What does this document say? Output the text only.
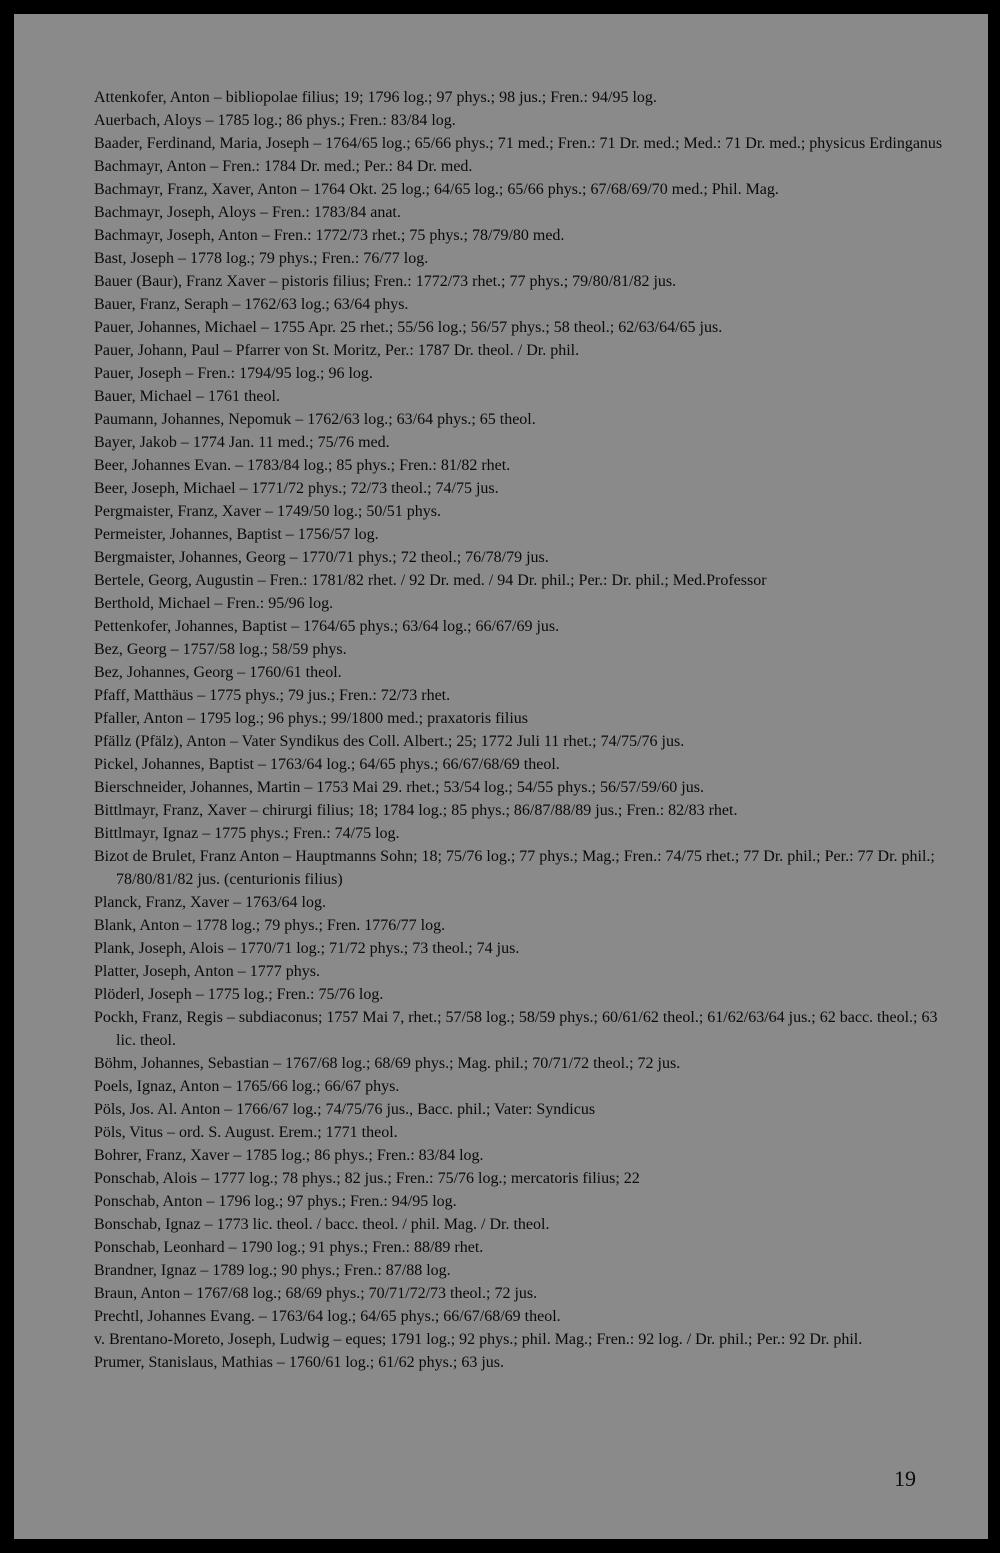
Attenkofer, Anton – bibliopolae filius; 19; 1796 log.; 97 phys.; 98 jus.; Fren.: 94/95 log.
Auerbach, Aloys – 1785 log.; 86 phys.; Fren.: 83/84 log.
Baader, Ferdinand, Maria, Joseph – 1764/65 log.; 65/66 phys.; 71 med.; Fren.: 71 Dr. med.; Med.: 71 Dr. med.; physicus Erdinganus
Bachmayr, Anton – Fren.: 1784 Dr. med.; Per.: 84 Dr. med.
Bachmayr, Franz, Xaver, Anton – 1764 Okt. 25 log.; 64/65 log.; 65/66 phys.; 67/68/69/70 med.; Phil. Mag.
Bachmayr, Joseph, Aloys – Fren.: 1783/84 anat.
Bachmayr, Joseph, Anton – Fren.: 1772/73 rhet.; 75 phys.; 78/79/80 med.
Bast, Joseph – 1778 log.; 79 phys.; Fren.: 76/77 log.
Bauer (Baur), Franz Xaver – pistoris filius; Fren.: 1772/73 rhet.; 77 phys.; 79/80/81/82 jus.
Bauer, Franz, Seraph – 1762/63 log.; 63/64 phys.
Pauer, Johannes, Michael – 1755 Apr. 25 rhet.; 55/56 log.; 56/57 phys.; 58 theol.; 62/63/64/65 jus.
Pauer, Johann, Paul – Pfarrer von St. Moritz, Per.: 1787 Dr. theol. / Dr. phil.
Pauer, Joseph – Fren.: 1794/95 log.; 96 log.
Bauer, Michael – 1761 theol.
Paumann, Johannes, Nepomuk – 1762/63 log.; 63/64 phys.; 65 theol.
Bayer, Jakob – 1774 Jan. 11 med.; 75/76 med.
Beer, Johannes Evan. – 1783/84 log.; 85 phys.; Fren.: 81/82 rhet.
Beer, Joseph, Michael – 1771/72 phys.; 72/73 theol.; 74/75 jus.
Pergmaister, Franz, Xaver – 1749/50 log.; 50/51 phys.
Permeister, Johannes, Baptist – 1756/57 log.
Bergmaister, Johannes, Georg – 1770/71 phys.; 72 theol.; 76/78/79 jus.
Bertele, Georg, Augustin – Fren.: 1781/82 rhet. / 92 Dr. med. / 94 Dr. phil.; Per.: Dr. phil.; Med.Professor
Berthold, Michael – Fren.: 95/96 log.
Pettenkofer, Johannes, Baptist – 1764/65 phys.; 63/64 log.; 66/67/69 jus.
Bez, Georg – 1757/58 log.; 58/59 phys.
Bez, Johannes, Georg – 1760/61 theol.
Pfaff, Matthäus – 1775 phys.; 79 jus.; Fren.: 72/73 rhet.
Pfaller, Anton – 1795 log.; 96 phys.; 99/1800 med.; praxatoris filius
Pfällz (Pfälz), Anton – Vater Syndikus des Coll. Albert.; 25; 1772 Juli 11 rhet.; 74/75/76 jus.
Pickel, Johannes, Baptist – 1763/64 log.; 64/65 phys.; 66/67/68/69 theol.
Bierschneider, Johannes, Martin – 1753 Mai 29. rhet.; 53/54 log.; 54/55 phys.; 56/57/59/60 jus.
Bittlmayr, Franz, Xaver – chirurgi filius; 18; 1784 log.; 85 phys.; 86/87/88/89 jus.; Fren.: 82/83 rhet.
Bittlmayr, Ignaz – 1775 phys.; Fren.: 74/75 log.
Bizot de Brulet, Franz Anton – Hauptmanns Sohn; 18; 75/76 log.; 77 phys.; Mag.; Fren.: 74/75 rhet.; 77 Dr. phil.; Per.: 77 Dr. phil.; 78/80/81/82 jus. (centurionis filius)
Planck, Franz, Xaver – 1763/64 log.
Blank, Anton – 1778 log.; 79 phys.; Fren. 1776/77 log.
Plank, Joseph, Alois – 1770/71 log.; 71/72 phys.; 73 theol.; 74 jus.
Platter, Joseph, Anton – 1777 phys.
Plöderl, Joseph – 1775 log.; Fren.: 75/76 log.
Pockh, Franz, Regis – subdiaconus; 1757 Mai 7, rhet.; 57/58 log.; 58/59 phys.; 60/61/62 theol.; 61/62/63/64 jus.; 62 bacc. theol.; 63 lic. theol.
Böhm, Johannes, Sebastian – 1767/68 log.; 68/69 phys.; Mag. phil.; 70/71/72 theol.; 72 jus.
Poels, Ignaz, Anton – 1765/66 log.; 66/67 phys.
Pöls, Jos. Al. Anton – 1766/67 log.; 74/75/76 jus., Bacc. phil.; Vater: Syndicus
Pöls, Vitus – ord. S. August. Erem.; 1771 theol.
Bohrer, Franz, Xaver – 1785 log.; 86 phys.; Fren.: 83/84 log.
Ponschab, Alois – 1777 log.; 78 phys.; 82 jus.; Fren.: 75/76 log.; mercatoris filius; 22
Ponschab, Anton – 1796 log.; 97 phys.; Fren.: 94/95 log.
Bonschab, Ignaz – 1773 lic. theol. / bacc. theol. / phil. Mag. / Dr. theol.
Ponschab, Leonhard – 1790 log.; 91 phys.; Fren.: 88/89 rhet.
Brandner, Ignaz – 1789 log.; 90 phys.; Fren.: 87/88 log.
Braun, Anton – 1767/68 log.; 68/69 phys.; 70/71/72/73 theol.; 72 jus.
Prechtl, Johannes Evang. – 1763/64 log.; 64/65 phys.; 66/67/68/69 theol.
v. Brentano-Moreto, Joseph, Ludwig – eques; 1791 log.; 92 phys.; phil. Mag.; Fren.: 92 log. / Dr. phil.; Per.: 92 Dr. phil.
Prumer, Stanislaus, Mathias – 1760/61 log.; 61/62 phys.; 63 jus.
19
